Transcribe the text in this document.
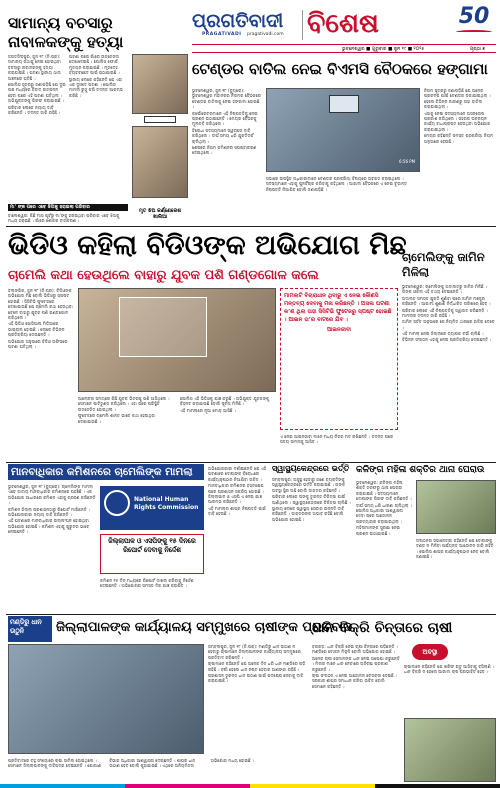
ସାମାନ୍ୟ ବଚସାରୁ ନାବାଳକଙ୍କୁ ହତ୍ୟା

ଜଗତସିଂହପୁର, ଜୁନ ୧୮ (ନି.ପ୍ର): ସାମାନ୍ୟ କଥାକୁ ନେଇ ହୋଇଥିବା ବଚସାରୁ ନାବାଳକଙ୍କୁ ହତ୍ୟା କରାଯାଇଛି । ଘଟଣା ସ୍ଥାନୀୟ ଥାନା ଅଞ୍ଚଳରେ ଘଟିଛି ।

ପୋଲିସ ସୂତ୍ରରୁ ଜଣାପଡ଼ିଛି ଯେ ଦୁଇ ପକ୍ଷ ମଧ୍ୟରେ ବିବାଦ ଉତ୍ପନ୍ନ ହେବା ପରେ ଏହି ଘଟଣା ଘଟିଥିଲା । ଅଭିଯୁକ୍ତଙ୍କୁ ଗିରଫ କରାଯାଇଛି ।

ପରିବାର ଲୋକେ ନ୍ୟାୟ ଦାବି କରିଛନ୍ତି । ତଦନ୍ତ ଜାରି ରହିଛି ।

ଘଟଣା ପରେ ଗାଁରେ ଉତ୍ତେଜନା ଦେଖାଦେଇଛି । ପୋଲିସ ଫୋର୍ସ ମୁତୟନ କରାଯାଇଛି । ମୃତଦେହ ବ୍ୟବଚ୍ଛେଦ ପାଇଁ ପଠାଯାଇଛି ।

ସ୍ଥାନୀୟ ଲୋକେ କହିଛନ୍ତି ଯେ ଏହା ଏକ ଦୁଃଖଦ ଘଟଣା । ପୋଲିସ ମାମଲା ରୁଜୁ କରି ତଦନ୍ତ ଆରମ୍ଭ କରିଛି ।

ମା’ ଙ୍କ ପରେ ଏବେ ଝିଅକୁ ହରାଇଲା ପରିବାର

ବାଲେଶ୍ୱର: କିଛି ମାସ ପୂର୍ବରୁ ମା’ଙ୍କୁ ହରାଇଥିବା ପରିବାର ଏବେ ଝିଅକୁ ମଧ୍ୟ ହରାଇଛି । ଗାଁରେ ଶୋକର ବାତାବରଣ ।

ମୃତ ଝିଅ କର୍ଣ୍ଣେରେଶ ଖାଲିଆ
ପ୍ରଗତିବାଦୀ
PRAGATIVADI pragativadi.com ବିଶେଷ	50
ଭୁବନେଶ୍ୱର ■ ଗୁରୁବାର ■ ଜୁନ ୧୯ ■ ୨୦୨୫	ପୃଷ୍ଠା ୭
ଟେଣ୍ଡର ବାତିଲ ନେଇ ବିଏମସି ବୈଠକରେ ହଙ୍ଗାମା

ଭୁବନେଶ୍ୱର, ଜୁନ ୧୮ (ବ୍ୟୁରୋ): ଭୁବନେଶ୍ୱର ମହାନଗର ନିଗମର ବୈଠକରେ ଟେଣ୍ଡର ବାତିଲକୁ ନେଇ ହଙ୍ଗାମା ହୋଇଛି ।

କର୍ପୋରେଟରମାନେ ଏହି ନିଷ୍ପତ୍ତିକୁ ନେଇ ପ୍ରଶ୍ନ ଉଠାଇଛନ୍ତି । ମେୟର ବୈଠକକୁ ମୁଲତବି କରିଥିଲେ ।

ବିରୋଧୀ ସଦସ୍ୟମାନେ ସ୍ୱଚ୍ଛତା ଦାବି କରିଥିଲେ । ଦୀର୍ଘ ସମୟ ଧରି ଯୁକ୍ତିତର୍କ ଚାଲିଥିଲା ।

ଶେଷରେ ନିଗମ କମିଶନର ସ୍ପଷ୍ଟୀକରଣ ଦେଇଥିଲେ ।

6:56 PM

ସଭାରେ ଉପସ୍ଥିତ ଅଧିକାରୀମାନେ ଟେଣ୍ଡର ପ୍ରକ୍ରିୟା ବିଷୟରେ ଅବଗତ କରାଇଥିଲେ । ସଦସ୍ୟମାନେ ଏହାକୁ ପୁନର୍ବିଚାର କରିବାକୁ କହିଥିଲେ । ଆଗାମୀ ବୈଠକରେ ଏ ନେଇ ଚୂଡ଼ାନ୍ତ ନିଷ୍ପତ୍ତି ନିଆଯିବ ବୋଲି ଜଣାପଡ଼ିଛି ।

ନିଗମ ସୂତ୍ରରୁ ଜଣାପଡ଼ିଛି ଯେ ଅନେକ ପ୍ରକଳ୍ପ ପାଇଁ ଟେଣ୍ଡର ଡକାଯାଇଥିଲା । ହେଲେ ବିଭିନ୍ନ କାରଣରୁ ତାହା ବାତିଲ କରାଯାଇଥିଲା ।

ଏହାକୁ ନେଇ ସଦସ୍ୟମାନେ ଅସନ୍ତୋଷ ପ୍ରକାଶ କରିଥିଲେ । ସହରର ଉନ୍ନୟନ କାର୍ଯ୍ୟ ବାଧାପ୍ରାପ୍ତ ହେଉଥିବା ଅଭିଯୋଗ କରାଯାଇଥିଲା ।

ମେୟର କହିଛନ୍ତି ସମସ୍ତ ପ୍ରକ୍ରିୟା ନିୟମ ଅନୁସାରେ ହେଉଛି ।

ଭିଡିଓ କହିଲା ବିଡିଓଙ୍କ ଅଭିଯୋଗ ମିଛ
ଚାମେଲି କଥା ହେଉଥିଲେ ବାହାରୁ ଯୁବକ ପଶି ଗଣ୍ଡଗୋଳ କଲେ
ଚାମେଲିଙ୍କୁ ଜାମିନ ମିଳିଲା

ଭୁବନେଶ୍ୱର: ଚାମେଲିଙ୍କୁ ଅଦାଲତରୁ ଜାମିନ ମିଳିଛି । ତାଙ୍କ ଓକିଲ ଏହି ତଥ୍ୟ ଦେଇଛନ୍ତି ।

ଅଦାଲତ ସମସ୍ତ ଯୁକ୍ତି ଶୁଣିବା ପରେ ଜାମିନ ମଞ୍ଜୁର କରିଛନ୍ତି । ଆଗାମୀ ଶୁଣାଣି ନିର୍ଦ୍ଧାରିତ ତାରିଖରେ ହେବ ।

ପରିବାର ଲୋକେ ଏହି ନିଷ୍ପତ୍ତିକୁ ସ୍ୱାଗତ କରିଛନ୍ତି । ମାମଲାର ତଦନ୍ତ ଜାରି ରହିଛି ।

ଜାମିନ ସର୍ତ୍ତ ଅନୁସାରେ ସେ ନିୟମିତ ଥାନାରେ ହାଜିରା ଦେବେ ।

ଏହି ମାମଲା ନେଇ ଜିଲ୍ଲାରେ ବ୍ୟାପକ ଚର୍ଚ୍ଚା ଚାଲିଛି । ବିଭିନ୍ନ ସଂଗଠନ ଏହାକୁ ନେଇ ପ୍ରତିକ୍ରିୟା ଦେଇଛନ୍ତି ।

ବଲାଙ୍ଗିର, ଜୁନ ୧୮ (ନି.ପ୍ର): ବିଡିଓଙ୍କ ଅଭିଯୋଗ ମିଛ ବୋଲି ଭିଡିଓରୁ ସ୍ପଷ୍ଟ ହୋଇଛି । ସିସିଟିଭି ଫୁଟେଜରେ ଦେଖାଯାଉଛି ଯେ ଚାମେଲି କଥା ହେଉଥିବା ବେଳେ ବାହାରୁ ଯୁବକ ପଶି ଗଣ୍ଡଗୋଳ କରିଥିଲେ ।

ଏହି ଭିଡିଓ ସୋସିଆଲ ମିଡିଆରେ ଭାଇରାଲ ହୋଇଛି । ଲୋକେ ବିଭିନ୍ନ ପ୍ରତିକ୍ରିୟା ଦେଉଛନ୍ତି ।

ଅଭିଯୋଗ ଅନୁସାରେ ବିଡିଓ ଅଫିସରେ ଘଟଣା ଘଟିଥିଲା ।

ଆଲୋଚନା ସମୟରେ କିଛି ଯୁବକ ଭିତରକୁ ପଶି ଆସିଥିଲେ । ସେମାନେ ପାଟିତୁଣ୍ଡ କରିଥିଲେ । ଏହା ପରେ ପରିସ୍ଥିତି ଉତ୍ତେଜିତ ହୋଇଥିଲା ।

ଫୁଟେଜରେ ଚାମେଲି ଶାନ୍ତ ଭାବେ କଥା ହେଉଥିବା ଦେଖାଯାଉଛି ।

ପୋଲିସ ଏହି ଭିଡିଓକୁ ଯାଞ୍ଚ କରୁଛି । ଅଭିଯୁକ୍ତ ଯୁବକଙ୍କୁ ଚିହ୍ନଟ କରାଯାଉଛି ବୋଲି ସୂଚନା ମିଳିଛି ।

ଏହି ମାମଲାରେ ନୂଆ ମୋଡ଼ ଆସିଛି ।

ମାମଲାଟି ବିଚାରାଧୀନ ଥିବାରୁ ଏ ନେଇ କୌଣସି ମନ୍ତବ୍ୟ ଦେବାକୁ ମନା କରିଛନ୍ତି । ଅସଲ ଘଟଣା କ’ଣ ଥିଲା ତାହା ସିସିଟିଭି ଫୁଟେଜରୁ ସ୍ପଷ୍ଟ ହୋଇଛି । ଆଇନ ତା’ର ବାଟରେ ଯିବ ।
ଆଇନଜୀବୀ

ଏ ନେଇ ଆଇନଜୀବୀ ମାନେ ମଧ୍ୟ ନିଜର ମତ ରଖିଛନ୍ତି । ତଦନ୍ତ ପରେ ସତ୍ୟ ସାମ୍ନାକୁ ଆସିବ ।

ମାନବାଧିକାର କମିଶନରେ ଚାମେଲିଙ୍କ ମାମଲା

ଭୁବନେଶ୍ୱର, ଜୁନ ୧୮ (ବ୍ୟୁରୋ): ଚାମେଲିଙ୍କ ମାମଲା ଏବେ ଜାତୀୟ ମାନବାଧିକାର କମିଶନରେ ପହଞ୍ଚିଛି । ଏକ ଅଭିଯୋଗ ଆଧାରରେ କମିଶନ ଏହାକୁ ଗ୍ରହଣ କରିଛନ୍ତି ।

କମିଶନ ଜିଲ୍ଲା ପ୍ରଶାସନଠାରୁ ରିପୋର୍ଟ ମାଗିଛନ୍ତି । ଅଭିଯୋଗକାରୀ ନ୍ୟାୟ ଦାବି କରିଛନ୍ତି ।

ଏହି ଘଟଣାରେ ମାନବାଧିକାର ଉଲ୍ଲଂଘନ ହୋଇଥିବା ଅଭିଯୋଗ ହୋଇଛି । କମିଶନ ଏହାକୁ ଗୁରୁତର ଭାବେ ନେଇଛନ୍ତି ।

National Human
Rights Commission
ଜିଲ୍ଲାପାଳ ଓ ଏସପିଙ୍କୁ ୧୫ ଦିନରେ ରିପୋର୍ଟ ଦେବାକୁ ନିର୍ଦ୍ଦେଶ

କମିଶନ ୧୫ ଦିନ ମଧ୍ୟରେ ରିପୋର୍ଟ ଦାଖଲ କରିବାକୁ ନିର୍ଦ୍ଦେଶ ଦେଇଛନ୍ତି । ଅଭିଯୋଗର ସମସ୍ତ ଦିଗ ଯାଞ୍ଚ କରାଯିବ ।

ଅଭିଯୋଗକାରୀ ଦର୍ଶାଇଛନ୍ତି ଯେ ଏହି ଘଟଣାରେ ଦୋଷୀଙ୍କ ବିରୋଧରେ କାର୍ଯ୍ୟାନୁଷ୍ଠାନ ନିଆଯିବା ଉଚିତ ।

ମାନବାଧିକାର କମିଶନର ହସ୍ତକ୍ଷେପ ପରେ ପ୍ରଶାସନ ସକ୍ରିୟ ହୋଇଛି । ଜିଲ୍ଲାପାଳ ଓ ଏସପି ଏ ନେଇ ଯାଞ୍ଚ ଆରମ୍ଭ କରିଛନ୍ତି ।

ଏହି ମାମଲାର ଶୀଘ୍ର ନିଷ୍ପତ୍ତି ପାଇଁ ଦାବି ହେଉଛି ।

ସ୍ୱାସ୍ଥ୍ୟକେନ୍ଦ୍ରରେ ଭର୍ତ୍ତି

ସମ୍ବଲପୁର: ଅସୁସ୍ଥ ହେବାରୁ ଜଣେ ବ୍ୟକ୍ତିଙ୍କୁ ସ୍ୱାସ୍ଥ୍ୟକେନ୍ଦ୍ରରେ ଭର୍ତ୍ତି କରାଯାଇଛି । ତାଙ୍କ ଅବସ୍ଥା ସ୍ଥିର ଅଛି ବୋଲି ଡାକ୍ତର କହିଛନ୍ତି ।

ପରିବାର ଲୋକେ ତାଙ୍କୁ ତୁରନ୍ତ ଚିକିତ୍ସା ପାଇଁ ଆଣିଥିଲେ । ସ୍ୱାସ୍ଥ୍ୟକେନ୍ଦ୍ରରେ ଚିକିତ୍ସା ଚାଲିଛି ।

ସ୍ଥାନୀୟ ଲୋକେ ସ୍ୱାସ୍ଥ୍ୟ ସେବାର ଉନ୍ନତି ଦାବି କରିଛନ୍ତି । ଡାକ୍ତରଙ୍କ ଅଭାବ ରହିଛି ବୋଲି ଅଭିଯୋଗ ହୋଇଛି ।

କଳିଙ୍ଗ ମହିଳା ଶକ୍ତିର ଥାନା ଘେରାଉ

ଭୁବନେଶ୍ୱର: କଳିଙ୍ଗ ମହିଳା ଶକ୍ତି ତରଫରୁ ଥାନା ଘେରାଉ କରାଯାଇଛି । ସଦସ୍ୟମାନେ ଦୋଷୀଙ୍କ ଗିରଫ ଦାବି କରିଛନ୍ତି ।

ଦୀର୍ଘ ସମୟ ଧରି ଧାରଣା ଚାଲିଥିଲା । ପୋଲିସ ଅଧିକାରୀ ଆଶ୍ୱାସନା ଦେବା ପରେ ଆନ୍ଦୋଳନ ପ୍ରତ୍ୟାହାର କରାଯାଇଥିଲା ।

ମହିଳାମାନଙ୍କ ସୁରକ୍ଷା ନେଇ ପ୍ରଶ୍ନ ଉଠାଯାଇଛି ।

ସଂଗଠନର ସଭାନେତ୍ରୀ କହିଛନ୍ତି ଯେ ଦୋଷୀଙ୍କୁ ଦଣ୍ଡ ନ ମିଳିବା ପର୍ଯ୍ୟନ୍ତ ଆନ୍ଦୋଳନ ଜାରି ରହିବ । ପୋଲିସ ଶୀଘ୍ର କାର୍ଯ୍ୟାନୁଷ୍ଠାନ ନେବ ବୋଲି ଜଣାଇଛି ।

ମଣ୍ଡିରୁ ଧାନ ଉଠୁନି	ଜିଲ୍ଲାପାଳଙ୍କ କାର୍ଯ୍ୟାଳୟ ସମ୍ମୁଖରେ ଚାଷୀଙ୍କ ପ୍ରତିବାଦ

ସମ୍ବଲପୁର, ଜୁନ ୧୮ (ନି.ପ୍ର): ମଣ୍ଡିରୁ ଧାନ ଉଠାଣ ନ ହେବାରୁ ଚାଷୀମାନେ ଜିଲ୍ଲାପାଳଙ୍କ କାର୍ଯ୍ୟାଳୟ ସମ୍ମୁଖରେ ପ୍ରତିବାଦ କରିଛନ୍ତି ।

ଚାଷୀମାନେ କହିଛନ୍ତି ଯେ ଅନେକ ଦିନ ଧରି ଧାନ ମଣ୍ଡିରେ ପଡ଼ି ରହିଛି । ବର୍ଷା ହେଲେ ଧାନ ନଷ୍ଟ ହେବାର ଆଶଙ୍କା ରହିଛି ।

ପ୍ରଶାସନ ତୁରନ୍ତ ଧାନ ଉଠାଣ ପାଇଁ ପଦକ୍ଷେପ ନେବାକୁ ଦାବି କରାଯାଇଛି ।

ପ୍ରତିବାଦରେ ବହୁ ସଂଖ୍ୟାରେ ଚାଷୀ ସାମିଲ ହୋଇଥିଲେ । ସେମାନେ ଜିଲ୍ଲାପାଳଙ୍କୁ ଦାବିପତ୍ର ଦେଇଛନ୍ତି । ଯୋଗାଣ ବିଭାଗ ଅଧିକାରୀ ଆଶ୍ୱାସନା ଦେଇଛନ୍ତି । ଶୀଘ୍ର ଧାନ ଉଠାଣ ହେବ ବୋଲି କୁହାଯାଇଛି । ଏଥିରେ ଅନିୟମିତତା ଅଭିଯୋଗ ମଧ୍ୟ ହୋଇଛି ।

ଧାନ ବିକ୍ରି ଚିନ୍ତାରେ ଚାଷୀ

ବରଗଡ଼: ଧାନ ବିକ୍ରି ନେଇ ଚାଷୀ ଚିନ୍ତାରେ ପଡ଼ିଛନ୍ତି । ମଣ୍ଡିରେ ଟୋକନ ମିଳୁନି ବୋଲି ଅଭିଯୋଗ ହୋଇଛି ।

ଅନେକ ଚାଷୀ ସେମାନଙ୍କ ଧାନ ନେଇ ଅପେକ୍ଷା କରୁଛନ୍ତି । ମିଲର ମାନେ ଧାନ ନେବାରେ ଅନିଚ୍ଛା ପ୍ରକାଶ କରୁଛନ୍ତି ।

ଚାଷୀ ସଂଗଠନ ଏ ନେଇ ଆନ୍ଦୋଳନ ଚେତାବନୀ ଦେଇଛି । ସରକାର ଶୀଘ୍ର ସମାଧାନ କରିବା ଉଚିତ ବୋଲି ସେମାନେ କହିଛନ୍ତି ।

ଅବସ୍ଥା

ଚାଷୀମାନେ କହିଛନ୍ତି ଯେ ଖରିଫ ଋତୁ ଆସିବାକୁ ବସିଲାଣି । ଧାନ ବିକ୍ରି ନ ହେଲେ ଆଗାମୀ ଚାଷ ପ୍ରଭାବିତ ହେବ ।
